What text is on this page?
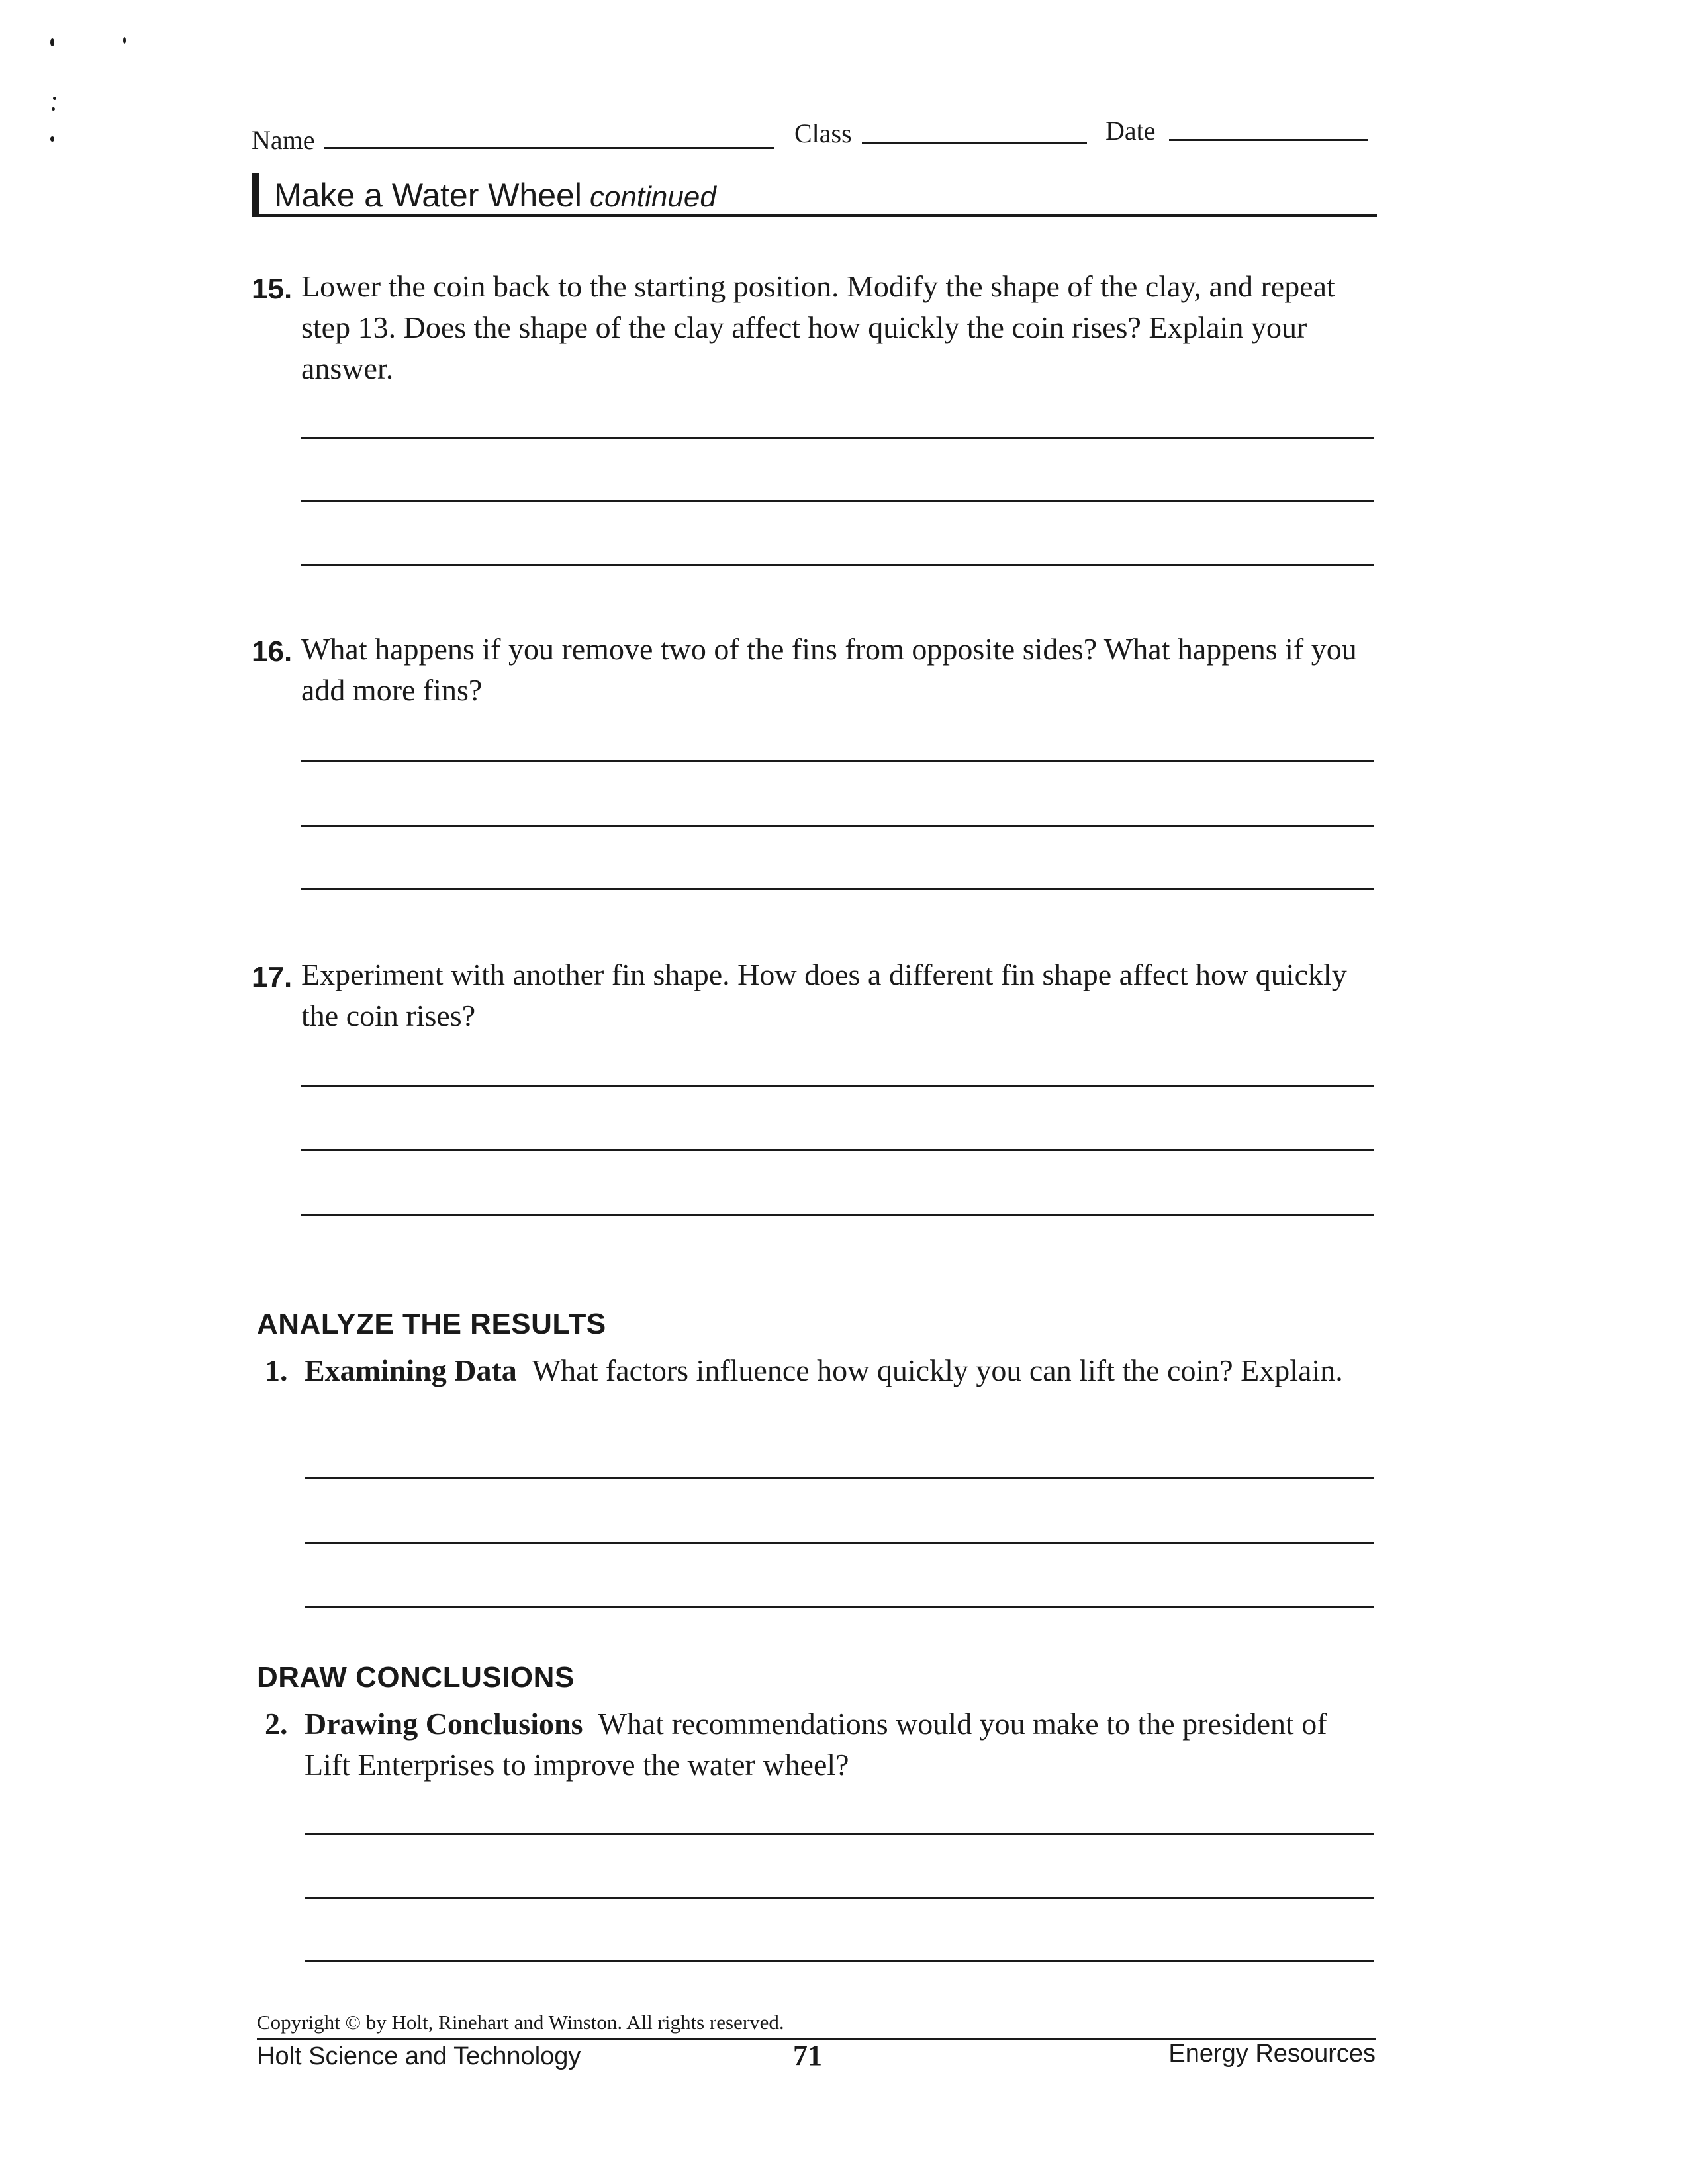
Name	Class	Date
Make a Water Wheel continued
15. Lower the coin back to the starting position. Modify the shape of the clay, and repeat step 13. Does the shape of the clay affect how quickly the coin rises? Explain your answer.
16. What happens if you remove two of the fins from opposite sides? What happens if you add more fins?
17. Experiment with another fin shape. How does a different fin shape affect how quickly the coin rises?
ANALYZE THE RESULTS
1. Examining Data What factors influence how quickly you can lift the coin? Explain.
DRAW CONCLUSIONS
2. Drawing Conclusions What recommendations would you make to the president of Lift Enterprises to improve the water wheel?
Copyright © by Holt, Rinehart and Winston. All rights reserved.
Holt Science and Technology	71	Energy Resources
